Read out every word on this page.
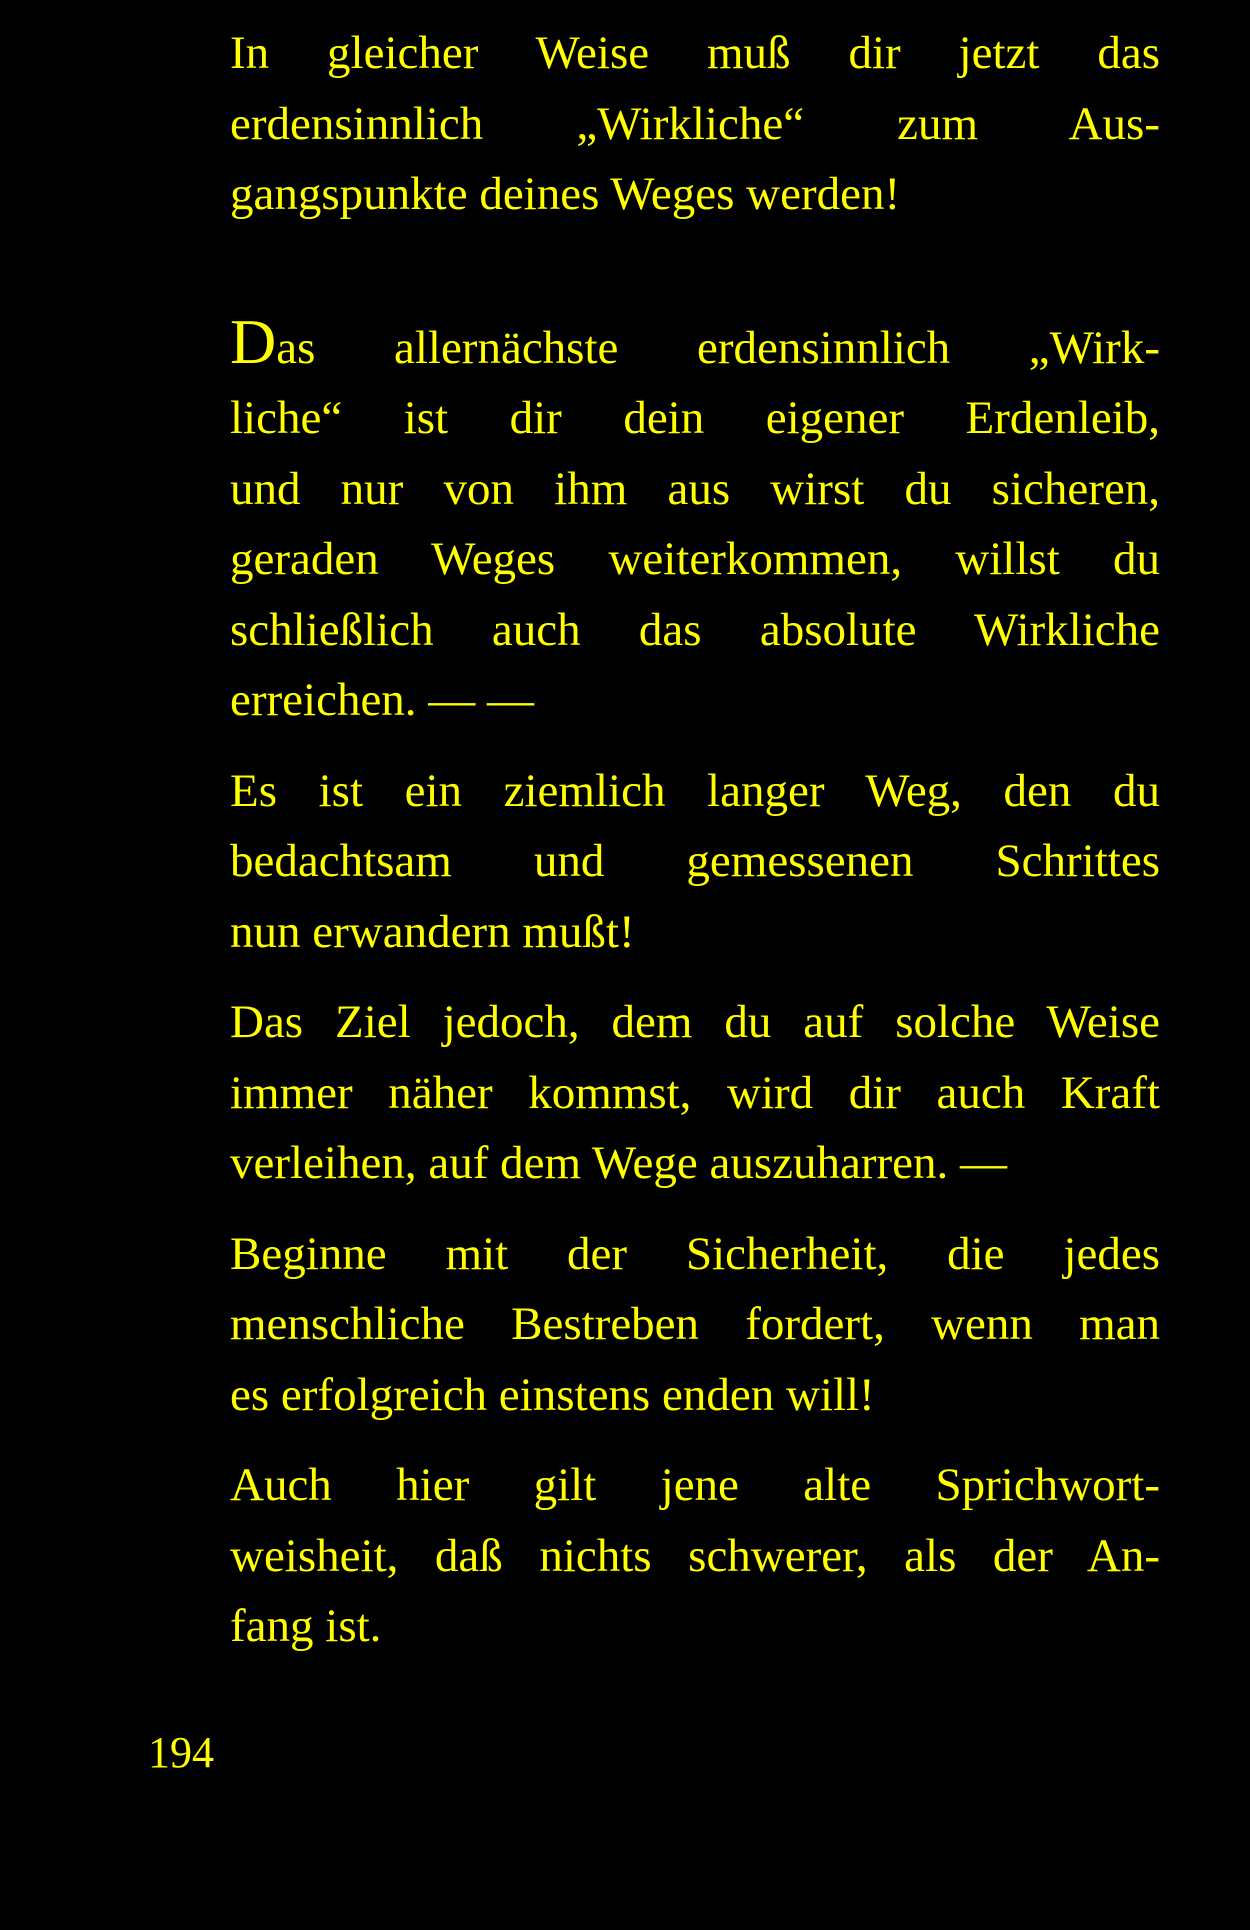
In gleicher Weise muß dir jetzt das
erdensinnlich „Wirkliche“ zum Aus-
gangspunkte deines Weges werden!

Das allernächste erdensinnlich „Wirk-
liche“ ist dir dein eigener Erdenleib,
und nur von ihm aus wirst du sicheren,
geraden Weges weiterkommen, willst du
schließlich auch das absolute Wirkliche
erreichen. — —

Es ist ein ziemlich langer Weg, den du
bedachtsam und gemessenen Schrittes
nun erwandern mußt!

Das Ziel jedoch, dem du auf solche Weise
immer näher kommst, wird dir auch Kraft
verleihen, auf dem Wege auszuharren. —

Beginne mit der Sicherheit, die jedes
menschliche Bestreben fordert, wenn man
es erfolgreich einstens enden will!

Auch hier gilt jene alte Sprichwort-
weisheit, daß nichts schwerer, als der An-
fang ist.

194
